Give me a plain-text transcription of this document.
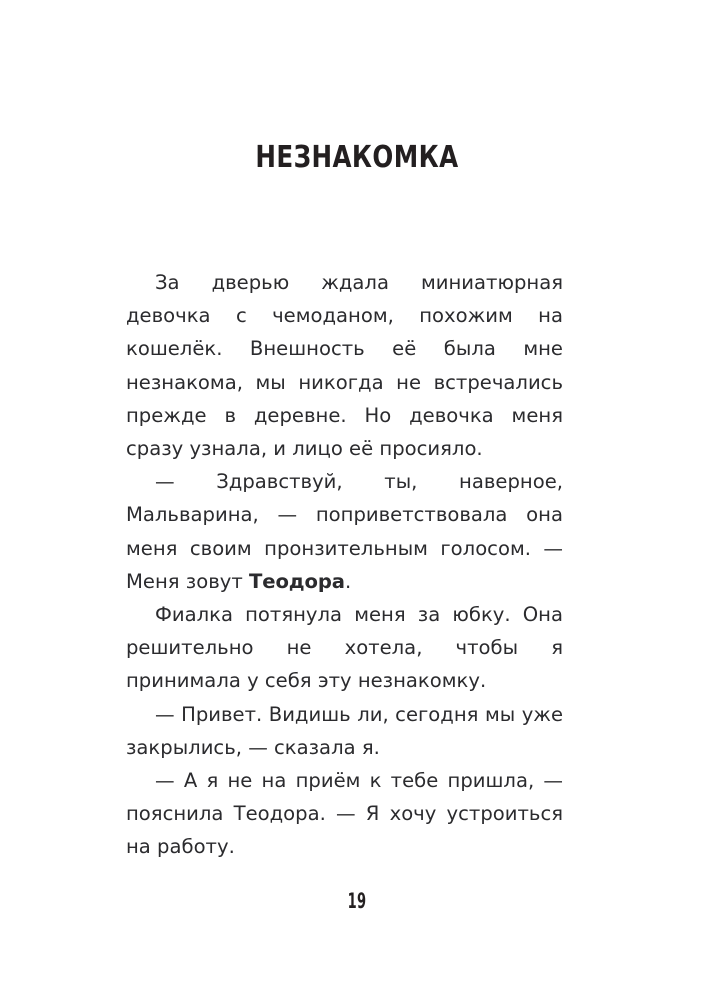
НЕЗНАКОМКА

За дверью ждала миниатюрная девочка с чемоданом, похожим на кошелёк. Внешность её была мне незнакома, мы никогда не встречались прежде в деревне. Но девочка меня сразу узнала, и лицо её просияло.

— Здравствуй, ты, наверное, Мальварина, — поприветствовала она меня своим пронзительным голосом. — Меня зовут Теодора.

Фиалка потянула меня за юбку. Она решительно не хотела, чтобы я принимала у себя эту незнакомку.

— Привет. Видишь ли, сегодня мы уже закрылись, — сказала я.

— А я не на приём к тебе пришла, — пояснила Теодора. — Я хочу устроиться на работу.

19
